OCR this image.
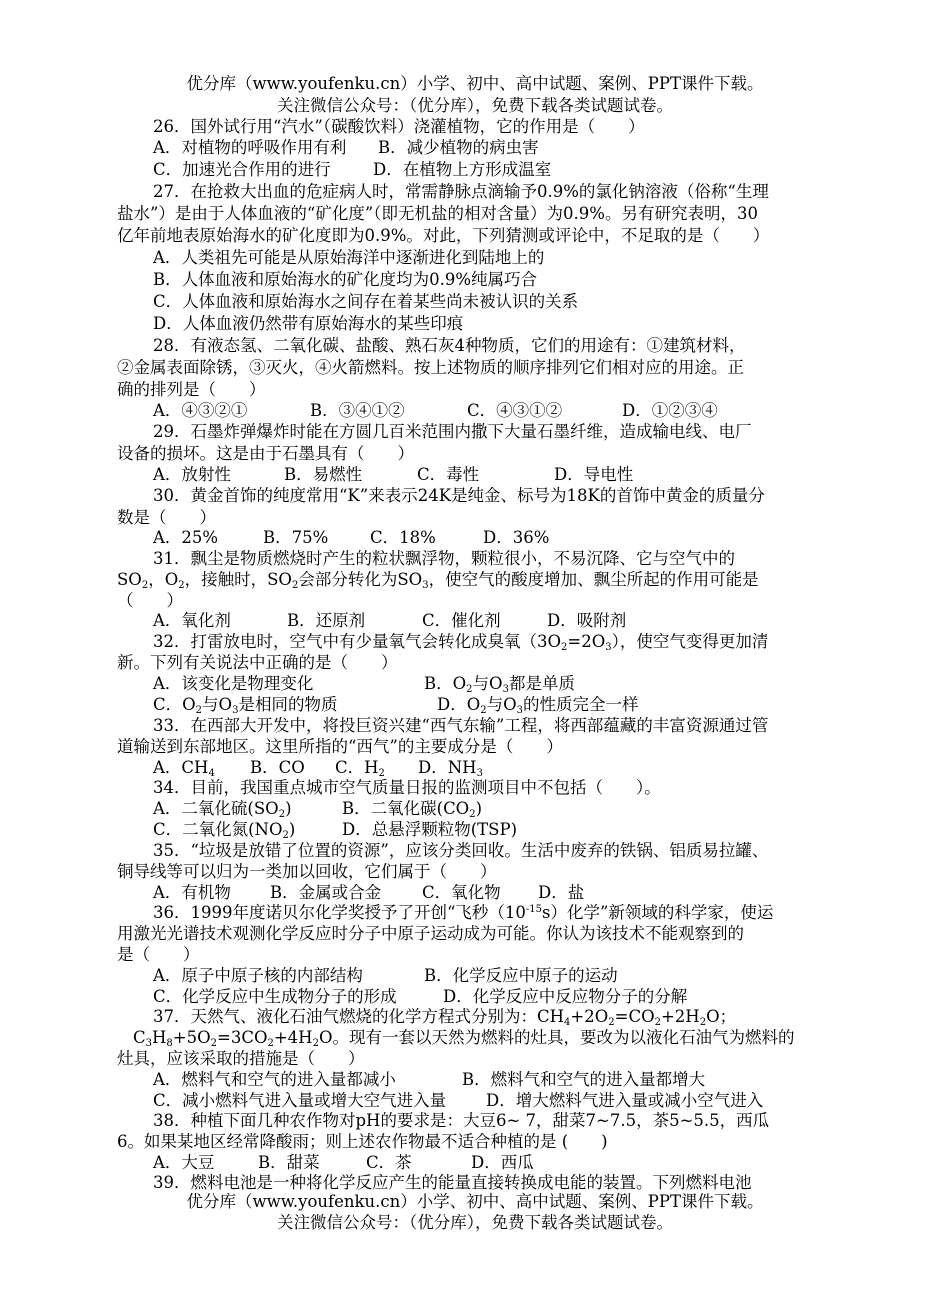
优分库（www.youfenku.cn）小学、初中、高中试题、案例、PPT课件下载。
关注微信公众号：（优分库），免费下载各类试题试卷。
26．国外试行用“汽水”（碳酸饮料）浇灌植物，它的作用是（　　）
A．对植物的呼吸作用有利 B．减少植物的病虫害
C．加速光合作用的进行	D．在植物上方形成温室
27．在抢救大出血的危症病人时，常需静脉点滴输予0.9%的氯化钠溶液（俗称“生理
盐水”）是由于人体血液的“矿化度”（即无机盐的相对含量）为0.9%。另有研究表明，30
亿年前地表原始海水的矿化度即为0.9%。对此，下列猜测或评论中，不足取的是（　　）
A．人类祖先可能是从原始海洋中逐渐进化到陆地上的
B．人体血液和原始海水的矿化度均为0.9%纯属巧合
C．人体血液和原始海水之间存在着某些尚未被认识的关系
D．人体血液仍然带有原始海水的某些印痕
28．有液态氢、二氧化碳、盐酸、熟石灰4种物质，它们的用途有：①建筑材料，
②金属表面除锈，③灭火，④火箭燃料。按上述物质的顺序排列它们相对应的用途。正
确的排列是（　　）
A．④③②①	B．③④①②	C．④③①②	D．①②③④
29．石墨炸弹爆炸时能在方圆几百米范围内撒下大量石墨纤维，造成输电线、电厂
设备的损坏。这是由于石墨具有（　　）
A．放射性	B．易燃性	C．毒性	D．导电性
30．黄金首饰的纯度常用“K”来表示24K是纯金、标号为18K的首饰中黄金的质量分
数是（　　）
A．25%	B．75%	C．18%	D．36%
31．飘尘是物质燃烧时产生的粒状飘浮物，颗粒很小，不易沉降、它与空气中的
$SO_2$，$O_2$，接触时，$SO_2$会部分转化为$SO_3$，使空气的酸度增加、飘尘所起的作用可能是
（　　）
A．氧化剂	B．还原剂	C．催化剂	D．吸附剂
32．打雷放电时，空气中有少量氧气会转化成臭氧$(3O_2=2O_3)$，使空气变得更加清
新。下列有关说法中正确的是（　　）
A．该变化是物理变化	B．$O_2$与$O_3$都是单质
C．$O_2$与$O_3$是相同的物质	D．$O_2$与$O_3$的性质完全一样
33．在西部大开发中，将投巨资兴建“西气东输”工程，将西部蕴藏的丰富资源通过管
道输送到东部地区。这里所指的“西气”的主要成分是（　　）
A．$CH_4$ B．CO C．$H_2$ D．$NH_3$
34．目前，我国重点城市空气质量日报的监测项目中不包括（　　）。
A．二氧化硫$(SO_2)$	B．二氧化碳$(CO_2)$
C．二氧化氮$(NO_2)$	D．总悬浮颗粒物(TSP)
35．“垃圾是放错了位置的资源”，应该分类回收。生活中废弃的铁锅、铝质易拉罐、
铜导线等可以归为一类加以回收，它们属于（　　）
A．有机物 B．金属或合金 C．氧化物 D．盐
36．1999年度诺贝尔化学奖授予了开创“飞秒$(10^{-15}s)$化学”新领域的科学家，使运
用激光光谱技术观测化学反应时分子中原子运动成为可能。你认为该技术不能观察到的
是（　　）
A．原子中原子核的内部结构	B．化学反应中原子的运动
C．化学反应中生成物分子的形成	D．化学反应中反应物分子的分解
37．天然气、液化石油气燃烧的化学方程式分别为：$CH_4+2O_2=CO_2+2H_2O$；
$C_3H_8+5O_2=3CO_2+4H_2O$。现有一套以天然为燃料的灶具，要改为以液化石油气为燃料的
灶具，应该采取的措施是（　　）
A．燃料气和空气的进入量都减小	B．燃料气和空气的进入量都增大
C．减小燃料气进入量或增大空气进入量 D．增大燃料气进入量或减小空气进入
38．种植下面几种农作物对pH的要求是：大豆6~ 7，甜菜7~7.5，茶5~5.5，西瓜
6。如果某地区经常降酸雨；则上述农作物最不适合种植的是 (　　)
A．大豆	B．甜菜	C．茶	D．西瓜
39．燃料电池是一种将化学反应产生的能量直接转换成电能的装置。下列燃料电池
优分库（www.youfenku.cn）小学、初中、高中试题、案例、PPT课件下载。
关注微信公众号：（优分库），免费下载各类试题试卷。
